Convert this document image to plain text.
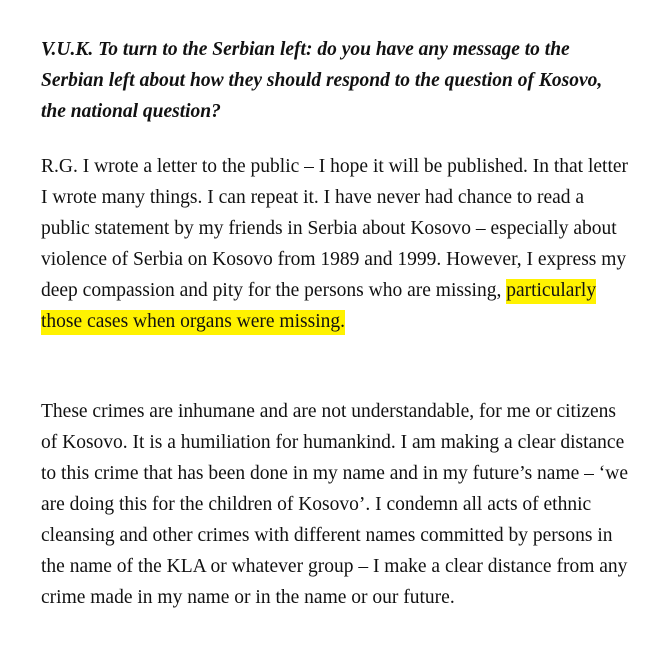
V.U.K. To turn to the Serbian left: do you have any message to the Serbian left about how they should respond to the question of Kosovo, the national question?

R.G. I wrote a letter to the public – I hope it will be published. In that letter I wrote many things. I can repeat it. I have never had chance to read a public statement by my friends in Serbia about Kosovo – especially about violence of Serbia on Kosovo from 1989 and 1999. However, I express my deep compassion and pity for the persons who are missing, particularly those cases when organs were missing.

These crimes are inhumane and are not understandable, for me or citizens of Kosovo. It is a humiliation for humankind. I am making a clear distance to this crime that has been done in my name and in my future’s name – ‘we are doing this for the children of Kosovo’. I condemn all acts of ethnic cleansing and other crimes with different names committed by persons in the name of the KLA or whatever group – I make a clear distance from any crime made in my name or in the name or our future.
